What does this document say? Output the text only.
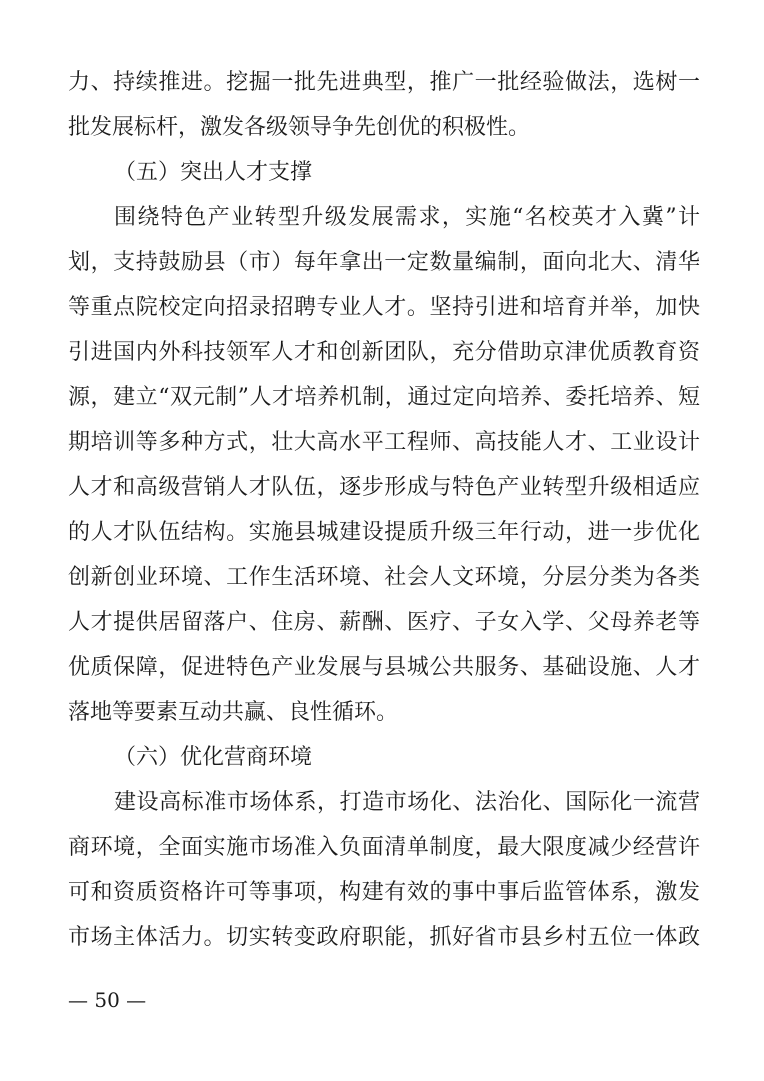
力、持续推进。挖掘一批先进典型，推广一批经验做法，选树一
批发展标杆，激发各级领导争先创优的积极性。
（五）突出人才支撑
围绕特色产业转型升级发展需求，实施“名校英才入冀”计
划，支持鼓励县（市）每年拿出一定数量编制，面向北大、清华
等重点院校定向招录招聘专业人才。坚持引进和培育并举，加快
引进国内外科技领军人才和创新团队，充分借助京津优质教育资
源，建立“双元制”人才培养机制，通过定向培养、委托培养、短
期培训等多种方式，壮大高水平工程师、高技能人才、工业设计
人才和高级营销人才队伍，逐步形成与特色产业转型升级相适应
的人才队伍结构。实施县城建设提质升级三年行动，进一步优化
创新创业环境、工作生活环境、社会人文环境，分层分类为各类
人才提供居留落户、住房、薪酬、医疗、子女入学、父母养老等
优质保障，促进特色产业发展与县城公共服务、基础设施、人才
落地等要素互动共赢、良性循环。
（六）优化营商环境
建设高标准市场体系，打造市场化、法治化、国际化一流营
商环境，全面实施市场准入负面清单制度，最大限度减少经营许
可和资质资格许可等事项，构建有效的事中事后监管体系，激发
市场主体活力。切实转变政府职能，抓好省市县乡村五位一体政
— 50 —
